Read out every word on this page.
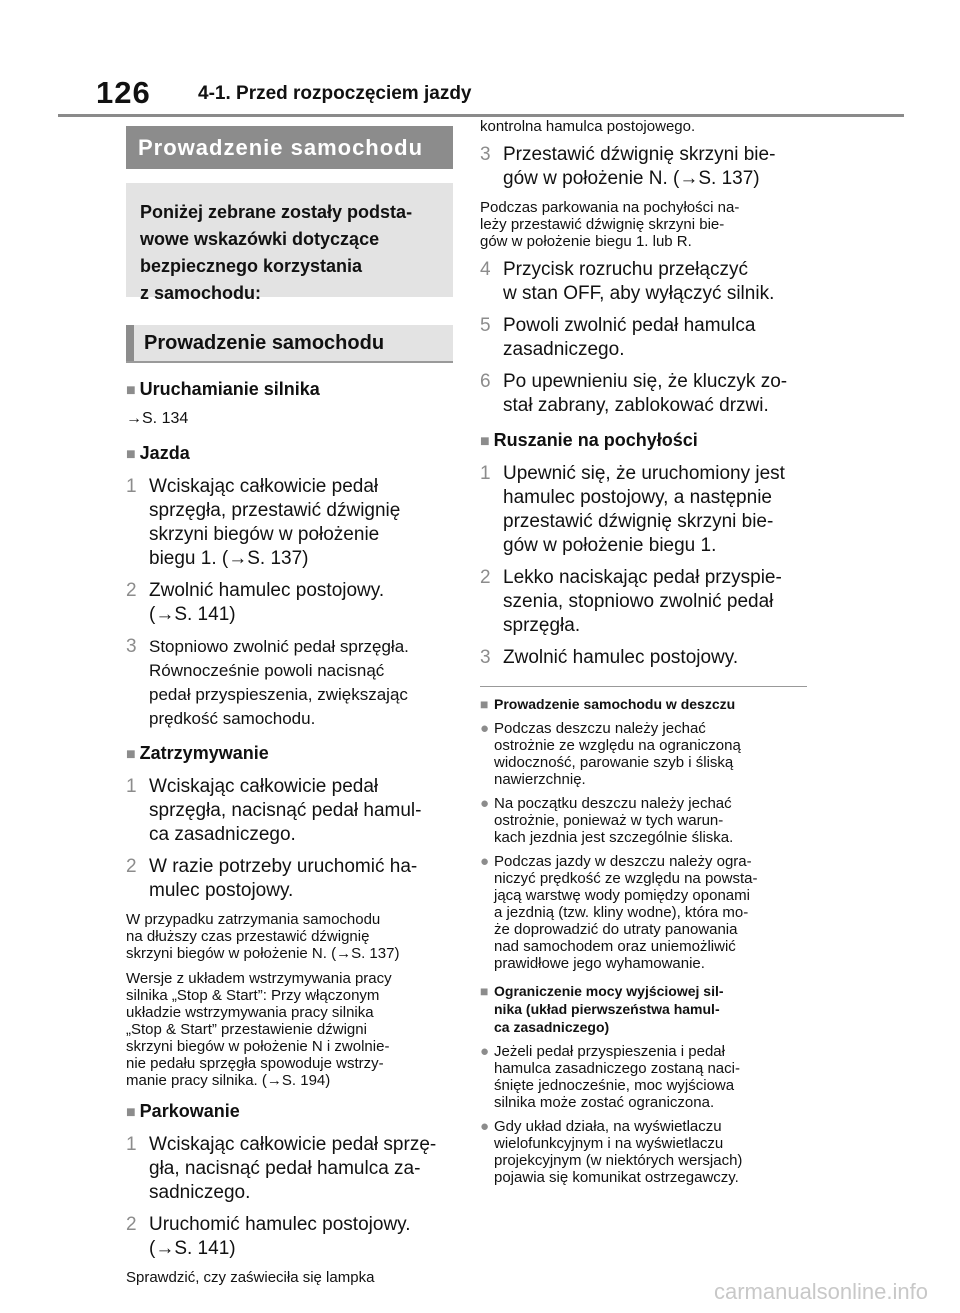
126 4-1. Przed rozpoczęciem jazdy
Prowadzenie samochodu
Poniżej zebrane zostały podsta-
wowe wskazówki dotyczące
bezpiecznego korzystania
z samochodu:
Prowadzenie samochodu
■ Uruchamianie silnika
→S. 134
■ Jazda
1 Wciskając całkowicie pedał
sprzęgła, przestawić dźwignię
skrzyni biegów w położenie
biegu 1. (→S. 137)
2 Zwolnić hamulec postojowy.
(→S. 141)
3 Stopniowo zwolnić pedał sprzęgła.
Równocześnie powoli nacisnąć
pedał przyspieszenia, zwiększając
prędkość samochodu.
■ Zatrzymywanie
1 Wciskając całkowicie pedał
sprzęgła, nacisnąć pedał hamul-
ca zasadniczego.
2 W razie potrzeby uruchomić ha-
mulec postojowy.
W przypadku zatrzymania samochodu
na dłuższy czas przestawić dźwignię
skrzyni biegów w położenie N. (→S. 137)
Wersje z układem wstrzymywania pracy
silnika „Stop & Start”: Przy włączonym
układzie wstrzymywania pracy silnika
„Stop & Start” przestawienie dźwigni
skrzyni biegów w położenie N i zwolnie-
nie pedału sprzęgła spowoduje wstrzy-
manie pracy silnika. (→S. 194)
■ Parkowanie
1 Wciskając całkowicie pedał sprzę-
gła, nacisnąć pedał hamulca za-
sadniczego.
2 Uruchomić hamulec postojowy.
(→S. 141)
Sprawdzić, czy zaświeciła się lampka
kontrolna hamulca postojowego.
3 Przestawić dźwignię skrzyni bie-
gów w położenie N. (→S. 137)
Podczas parkowania na pochyłości na-
leży przestawić dźwignię skrzyni bie-
gów w położenie biegu 1. lub R.
4 Przycisk rozruchu przełączyć
w stan OFF, aby wyłączyć silnik.
5 Powoli zwolnić pedał hamulca
zasadniczego.
6 Po upewnieniu się, że kluczyk zo-
stał zabrany, zablokować drzwi.
■ Ruszanie na pochyłości
1 Upewnić się, że uruchomiony jest
hamulec postojowy, a następnie
przestawić dźwignię skrzyni bie-
gów w położenie biegu 1.
2 Lekko naciskając pedał przyspie-
szenia, stopniowo zwolnić pedał
sprzęgła.
3 Zwolnić hamulec postojowy.
■ Prowadzenie samochodu w deszczu
● Podczas deszczu należy jechać
ostrożnie ze względu na ograniczoną
widoczność, parowanie szyb i śliską
nawierzchnię.
● Na początku deszczu należy jechać
ostrożnie, ponieważ w tych warun-
kach jezdnia jest szczególnie śliska.
● Podczas jazdy w deszczu należy ogra-
niczyć prędkość ze względu na powsta-
jącą warstwę wody pomiędzy oponami
a jezdnią (tzw. kliny wodne), która mo-
że doprowadzić do utraty panowania
nad samochodem oraz uniemożliwić
prawidłowe jego wyhamowanie.
■ Ograniczenie mocy wyjściowej sil-
nika (układ pierwszeństwa hamul-
ca zasadniczego)
● Jeżeli pedał przyspieszenia i pedał
hamulca zasadniczego zostaną naci-
śnięte jednocześnie, moc wyjściowa
silnika może zostać ograniczona.
● Gdy układ działa, na wyświetlaczu
wielofunkcyjnym i na wyświetlaczu
projekcyjnym (w niektórych wersjach)
pojawia się komunikat ostrzegawczy.
carmanualsonline.info
